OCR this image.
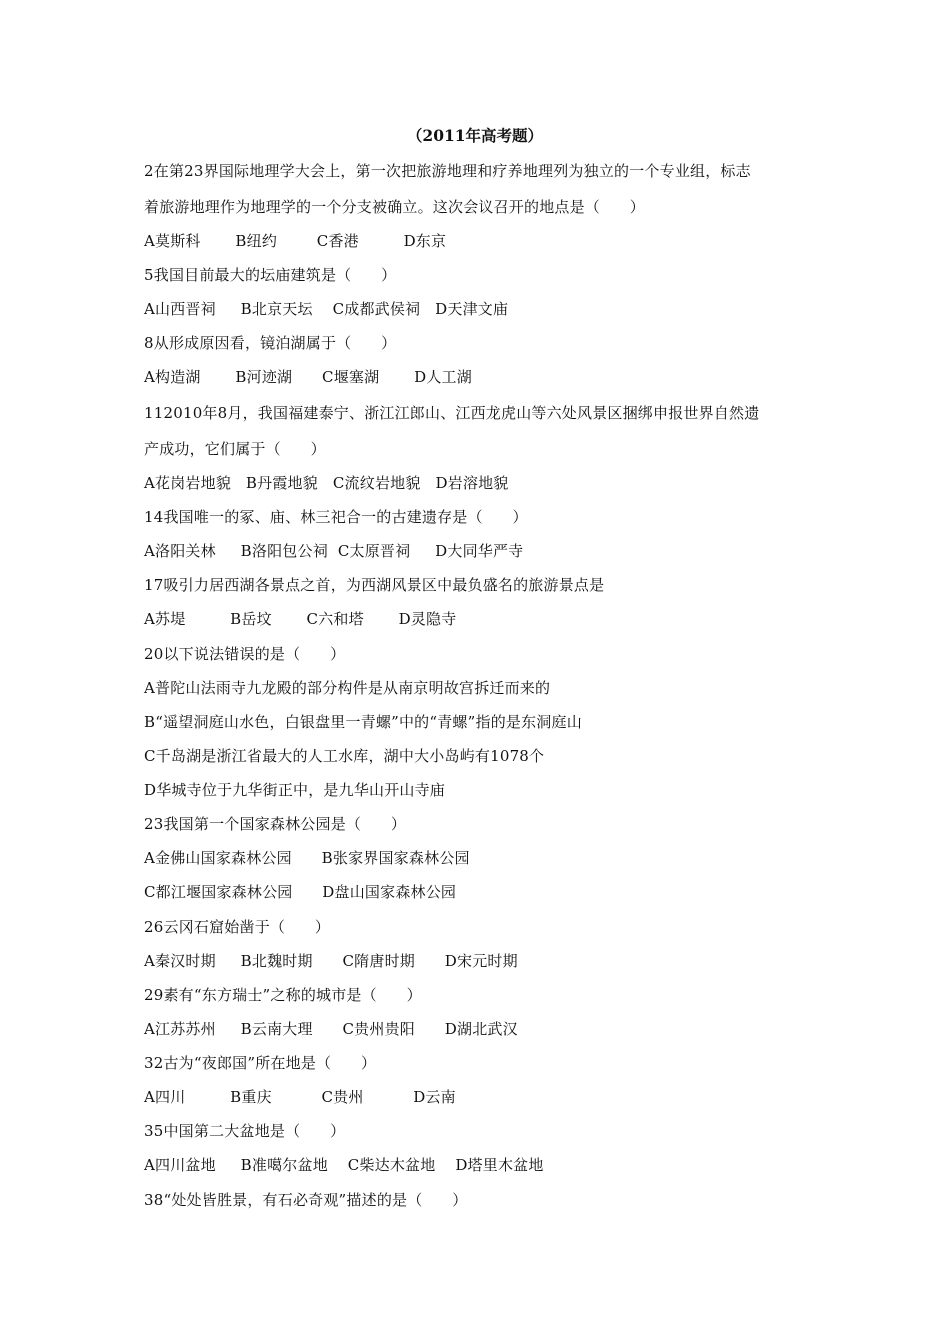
（2011年高考题）
2在第23界国际地理学大会上，第一次把旅游地理和疗养地理列为独立的一个专业组，标志
着旅游地理作为地理学的一个分支被确立。这次会议召开的地点是（      ）
A莫斯科       B纽约        C香港         D东京
5我国目前最大的坛庙建筑是（      ）
A山西晋祠     B北京天坛    C成都武侯祠   D天津文庙
8从形成原因看，镜泊湖属于（      ）
A构造湖       B河迹湖      C堰塞湖       D人工湖
112010年8月，我国福建泰宁、浙江江郎山、江西龙虎山等六处风景区捆绑申报世界自然遗
产成功，它们属于（      ）
A花岗岩地貌   B丹霞地貌   C流纹岩地貌   D岩溶地貌
14我国唯一的冢、庙、林三祀合一的古建遗存是（      ）
A洛阳关林     B洛阳包公祠  C太原晋祠     D大同华严寺
17吸引力居西湖各景点之首，为西湖风景区中最负盛名的旅游景点是
A苏堤         B岳坟       C六和塔       D灵隐寺
20以下说法错误的是（      ）
A普陀山法雨寺九龙殿的部分构件是从南京明故宫拆迁而来的
B“遥望洞庭山水色，白银盘里一青螺”中的“青螺”指的是东洞庭山
C千岛湖是浙江省最大的人工水库，湖中大小岛屿有1078个
D华城寺位于九华街正中，是九华山开山寺庙
23我国第一个国家森林公园是（      ）
A金佛山国家森林公园      B张家界国家森林公园
C都江堰国家森林公园      D盘山国家森林公园
26云冈石窟始凿于（      ）
A秦汉时期     B北魏时期      C隋唐时期      D宋元时期
29素有“东方瑞士”之称的城市是（      ）
A江苏苏州     B云南大理      C贵州贵阳      D湖北武汉
32古为“夜郎国”所在地是（      ）
A四川         B重庆          C贵州          D云南
35中国第二大盆地是（      ）
A四川盆地     B准噶尔盆地    C柴达木盆地    D塔里木盆地
38“处处皆胜景，有石必奇观”描述的是（      ）
